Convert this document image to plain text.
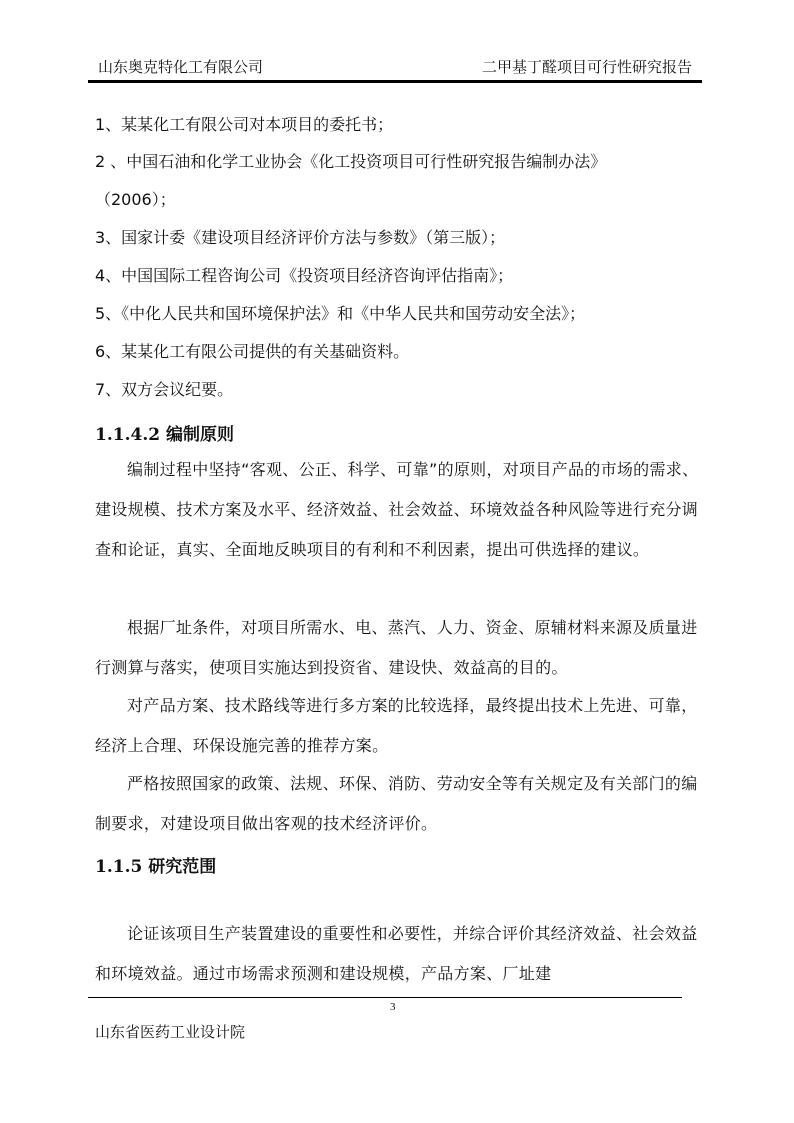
山东奥克特化工有限公司	二甲基丁醛项目可行性研究报告
1、某某化工有限公司对本项目的委托书；
2 、中国石油和化学工业协会《化工投资项目可行性研究报告编制办法》
（2006）；
3、国家计委《建设项目经济评价方法与参数》（第三版）；
4、中国国际工程咨询公司《投资项目经济咨询评估指南》；
5、《中化人民共和国环境保护法》和《中华人民共和国劳动安全法》；
6、某某化工有限公司提供的有关基础资料。
7、双方会议纪要。
1.1.4.2 编制原则
编制过程中坚持“客观、公正、科学、可靠”的原则，对项目产品的市场的需求、建设规模、技术方案及水平、经济效益、社会效益、环境效益各种风险等进行充分调查和论证，真实、全面地反映项目的有利和不利因素，提出可供选择的建议。
根据厂址条件，对项目所需水、电、蒸汽、人力、资金、原辅材料来源及质量进行测算与落实，使项目实施达到投资省、建设快、效益高的目的。
对产品方案、技术路线等进行多方案的比较选择，最终提出技术上先进、可靠，经济上合理、环保设施完善的推荐方案。
严格按照国家的政策、法规、环保、消防、劳动安全等有关规定及有关部门的编制要求，对建设项目做出客观的技术经济评价。
1.1.5 研究范围
论证该项目生产装置建设的重要性和必要性，并综合评价其经济效益、社会效益和环境效益。通过市场需求预测和建设规模，产品方案、厂址建
3
山东省医药工业设计院
